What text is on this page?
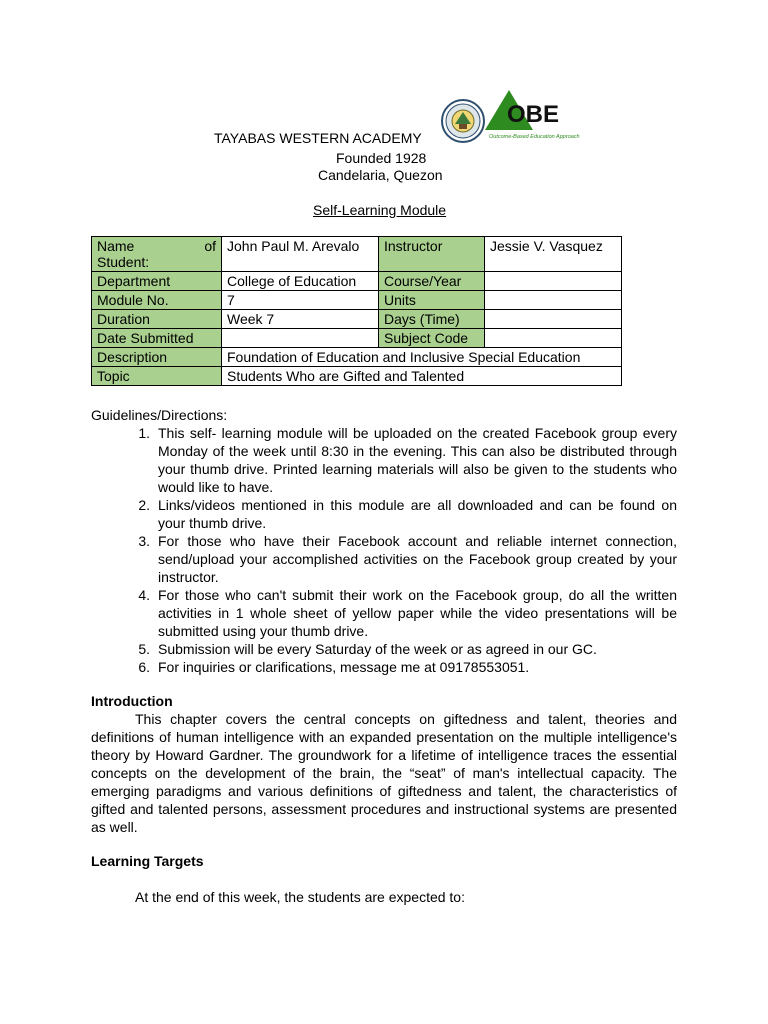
TAYABAS WESTERN ACADEMY
Founded 1928
Candelaria, Quezon
Self-Learning Module
OBE
Outcome-Based Education Approach
Name of
Student:	John Paul M. Arevalo	Instructor	Jessie V. Vasquez
Department	College of Education	Course/Year	
Module No.	7	Units	
Duration	Week 7	Days (Time)	
Date Submitted		Subject Code	
Description	Foundation of Education and Inclusive Special Education		
Topic	Students Who are Gifted and Talented		
Guidelines/Directions:
1. This self- learning module will be uploaded on the created Facebook group every Monday of the week until 8:30 in the evening. This can also be distributed through your thumb drive. Printed learning materials will also be given to the students who would like to have.
2. Links/videos mentioned in this module are all downloaded and can be found on your thumb drive.
3. For those who have their Facebook account and reliable internet connection, send/upload your accomplished activities on the Facebook group created by your instructor.
4. For those who can't submit their work on the Facebook group, do all the written activities in 1 whole sheet of yellow paper while the video presentations will be submitted using your thumb drive.
5. Submission will be every Saturday of the week or as agreed in our GC.
6. For inquiries or clarifications, message me at 09178553051.
Introduction
This chapter covers the central concepts on giftedness and talent, theories and definitions of human intelligence with an expanded presentation on the multiple intelligence's theory by Howard Gardner. The groundwork for a lifetime of intelligence traces the essential concepts on the development of the brain, the “seat” of man's intellectual capacity. The emerging paradigms and various definitions of giftedness and talent, the characteristics of gifted and talented persons, assessment procedures and instructional systems are presented as well.
Learning Targets
At the end of this week, the students are expected to:
